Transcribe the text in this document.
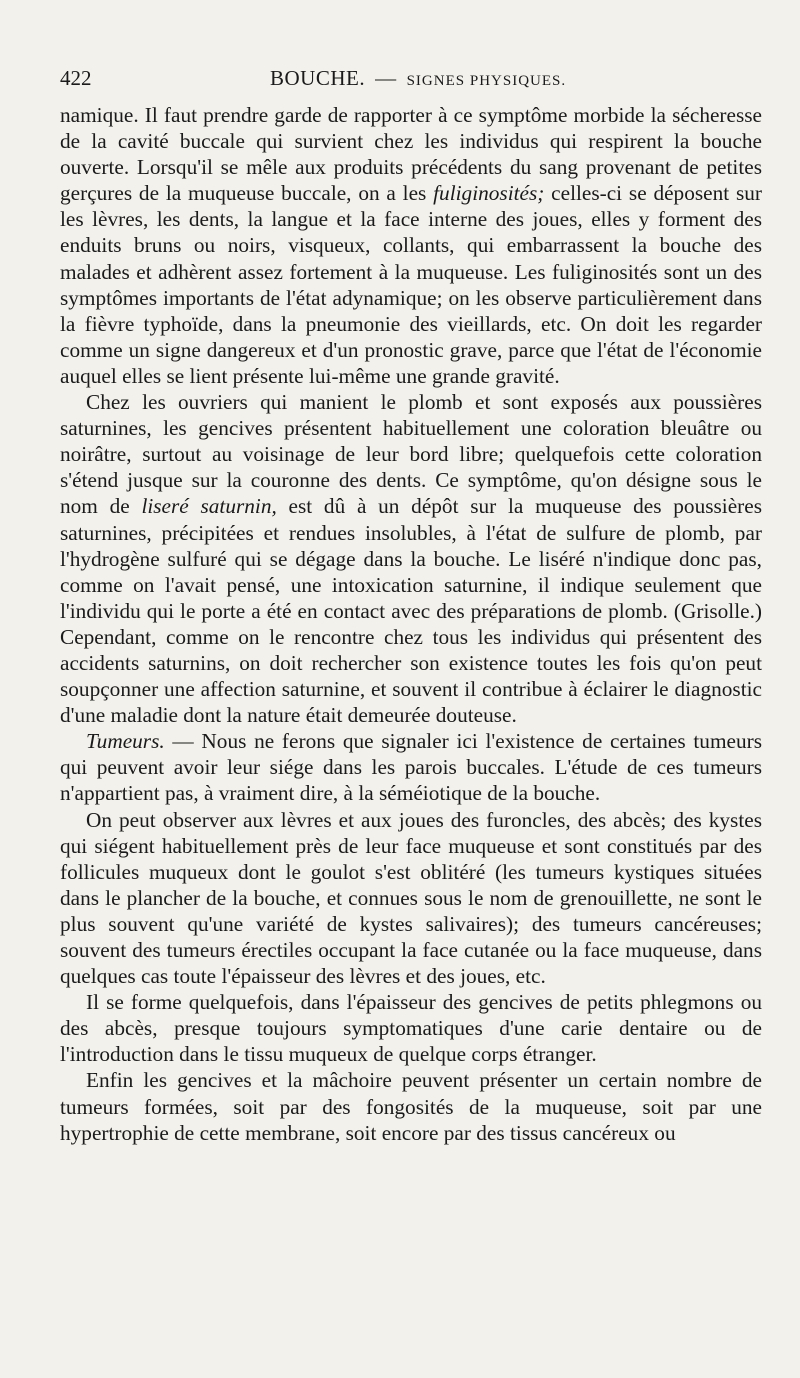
422	BOUCHE. — SIGNES PHYSIQUES.

namique. Il faut prendre garde de rapporter à ce symptôme morbide la sécheresse de la cavité buccale qui survient chez les individus qui respirent la bouche ouverte. Lorsqu'il se mêle aux produits précédents du sang provenant de petites gerçures de la muqueuse buccale, on a les fuliginosités; celles-ci se déposent sur les lèvres, les dents, la langue et la face interne des joues, elles y forment des enduits bruns ou noirs, visqueux, collants, qui embarrassent la bouche des malades et adhèrent assez fortement à la muqueuse. Les fuliginosités sont un des symptômes importants de l'état adynamique; on les observe particulièrement dans la fièvre typhoïde, dans la pneumonie des vieillards, etc. On doit les regarder comme un signe dangereux et d'un pronostic grave, parce que l'état de l'économie auquel elles se lient présente lui-même une grande gravité.

Chez les ouvriers qui manient le plomb et sont exposés aux poussières saturnines, les gencives présentent habituellement une coloration bleuâtre ou noirâtre, surtout au voisinage de leur bord libre; quelquefois cette coloration s'étend jusque sur la couronne des dents. Ce symptôme, qu'on désigne sous le nom de liseré saturnin, est dû à un dépôt sur la muqueuse des poussières saturnines, précipitées et rendues insolubles, à l'état de sulfure de plomb, par l'hydrogène sulfuré qui se dégage dans la bouche. Le liséré n'indique donc pas, comme on l'avait pensé, une intoxication saturnine, il indique seulement que l'individu qui le porte a été en contact avec des préparations de plomb. (Grisolle.) Cependant, comme on le rencontre chez tous les individus qui présentent des accidents saturnins, on doit rechercher son existence toutes les fois qu'on peut soupçonner une affection saturnine, et souvent il contribue à éclairer le diagnostic d'une maladie dont la nature était demeurée douteuse.

Tumeurs. — Nous ne ferons que signaler ici l'existence de certaines tumeurs qui peuvent avoir leur siége dans les parois buccales. L'étude de ces tumeurs n'appartient pas, à vraiment dire, à la séméiotique de la bouche.

On peut observer aux lèvres et aux joues des furoncles, des abcès; des kystes qui siégent habituellement près de leur face muqueuse et sont constitués par des follicules muqueux dont le goulot s'est oblitéré (les tumeurs kystiques situées dans le plancher de la bouche, et connues sous le nom de grenouillette, ne sont le plus souvent qu'une variété de kystes salivaires); des tumeurs cancéreuses; souvent des tumeurs érectiles occupant la face cutanée ou la face muqueuse, dans quelques cas toute l'épaisseur des lèvres et des joues, etc.

Il se forme quelquefois, dans l'épaisseur des gencives de petits phlegmons ou des abcès, presque toujours symptomatiques d'une carie dentaire ou de l'introduction dans le tissu muqueux de quelque corps étranger.

Enfin les gencives et la mâchoire peuvent présenter un certain nombre de tumeurs formées, soit par des fongosités de la muqueuse, soit par une hypertrophie de cette membrane, soit encore par des tissus cancéreux ou
